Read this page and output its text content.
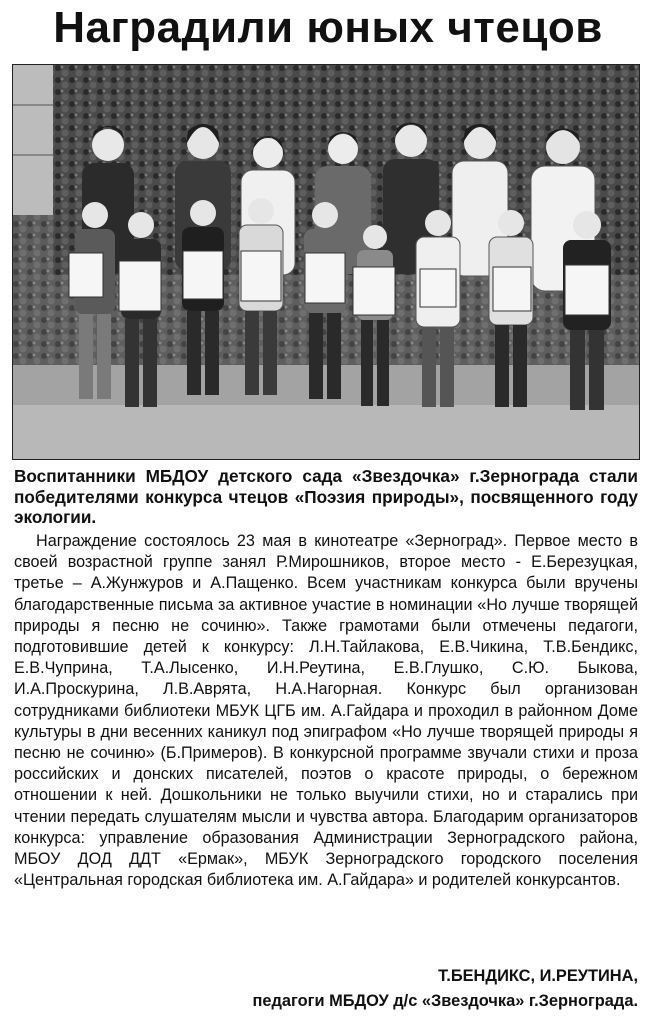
Наградили юных чтецов
Воспитанники МБДОУ детского сада «Звездочка» г.Зернограда стали победителями конкурса чтецов «Поэзия природы», посвященного году экологии.
Награждение состоялось 23 мая в кинотеатре «Зерноград». Первое место в своей возрастной группе занял Р.Мирошников, второе место - Е.Березуцкая, третье – А.Жунжуров и А.Пащенко. Всем участникам конкурса были вручены благодарственные письма за активное участие в номинации «Но лучше творящей природы я песню не сочиню». Также грамотами были отмечены педагоги, подготовившие детей к конкурсу: Л.Н.Тайлакова, Е.В.Чикина, Т.В.Бендикс, Е.В.Чуприна, Т.А.Лысенко, И.Н.Реутина, Е.В.Глушко, С.Ю. Быкова, И.А.Проскурина, Л.В.Аврята, Н.А.Нагорная. Конкурс был организован сотрудниками библиотеки МБУК ЦГБ им. А.Гайдара и проходил в районном Доме культуры в дни весенних каникул под эпиграфом «Но лучше творящей природы я песню не сочиню» (Б.Примеров). В конкурсной программе звучали стихи и проза российских и донских писателей, поэтов о красоте природы, о бережном отношении к ней. Дошкольники не только выучили стихи, но и старались при чтении передать слушателям мысли и чувства автора. Благодарим организаторов конкурса: управление образования Администрации Зерноградского района, МБОУ ДОД ДДТ «Ермак», МБУК Зерноградского городского поселения «Центральная городская библиотека им. А.Гайдара» и родителей конкурсантов.
Т.БЕНДИКС, И.РЕУТИНА,
педагоги МБДОУ д/с «Звездочка» г.Зернограда.
